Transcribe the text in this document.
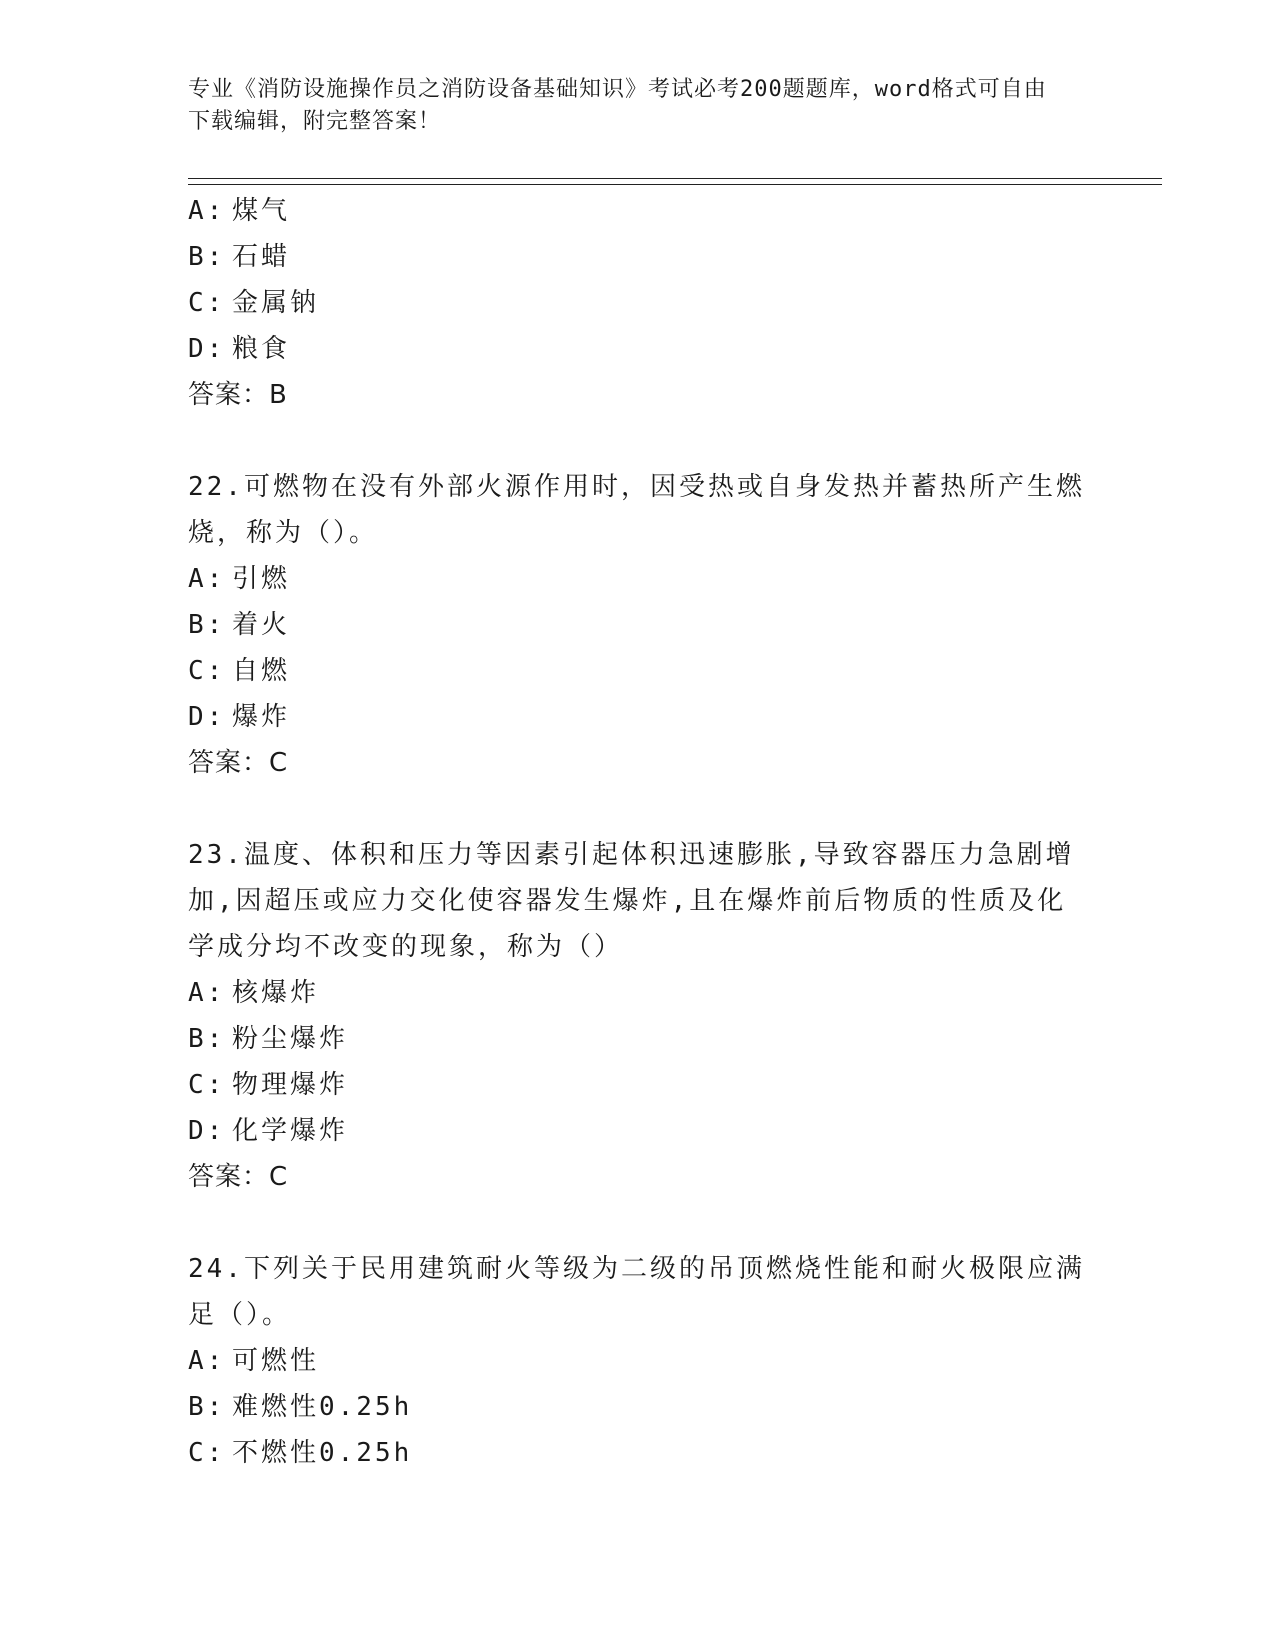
专业《消防设施操作员之消防设备基础知识》考试必考200题题库，word格式可自由下载编辑，附完整答案！
A: 煤气
B: 石蜡
C: 金属钠
D: 粮食
答案：B

22.可燃物在没有外部火源作用时，因受热或自身发热并蓄热所产生燃烧，称为（）。

A: 引燃
B: 着火
C: 自燃
D: 爆炸
答案：C

23.温度、体积和压力等因素引起体积迅速膨胀,导致容器压力急剧增加,因超压或应力交化使容器发生爆炸,且在爆炸前后物质的性质及化学成分均不改变的现象，称为（）

A: 核爆炸
B: 粉尘爆炸
C: 物理爆炸
D: 化学爆炸
答案：C

24.下列关于民用建筑耐火等级为二级的吊顶燃烧性能和耐火极限应满足（）。

A: 可燃性
B: 难燃性0.25h
C: 不燃性0.25h
